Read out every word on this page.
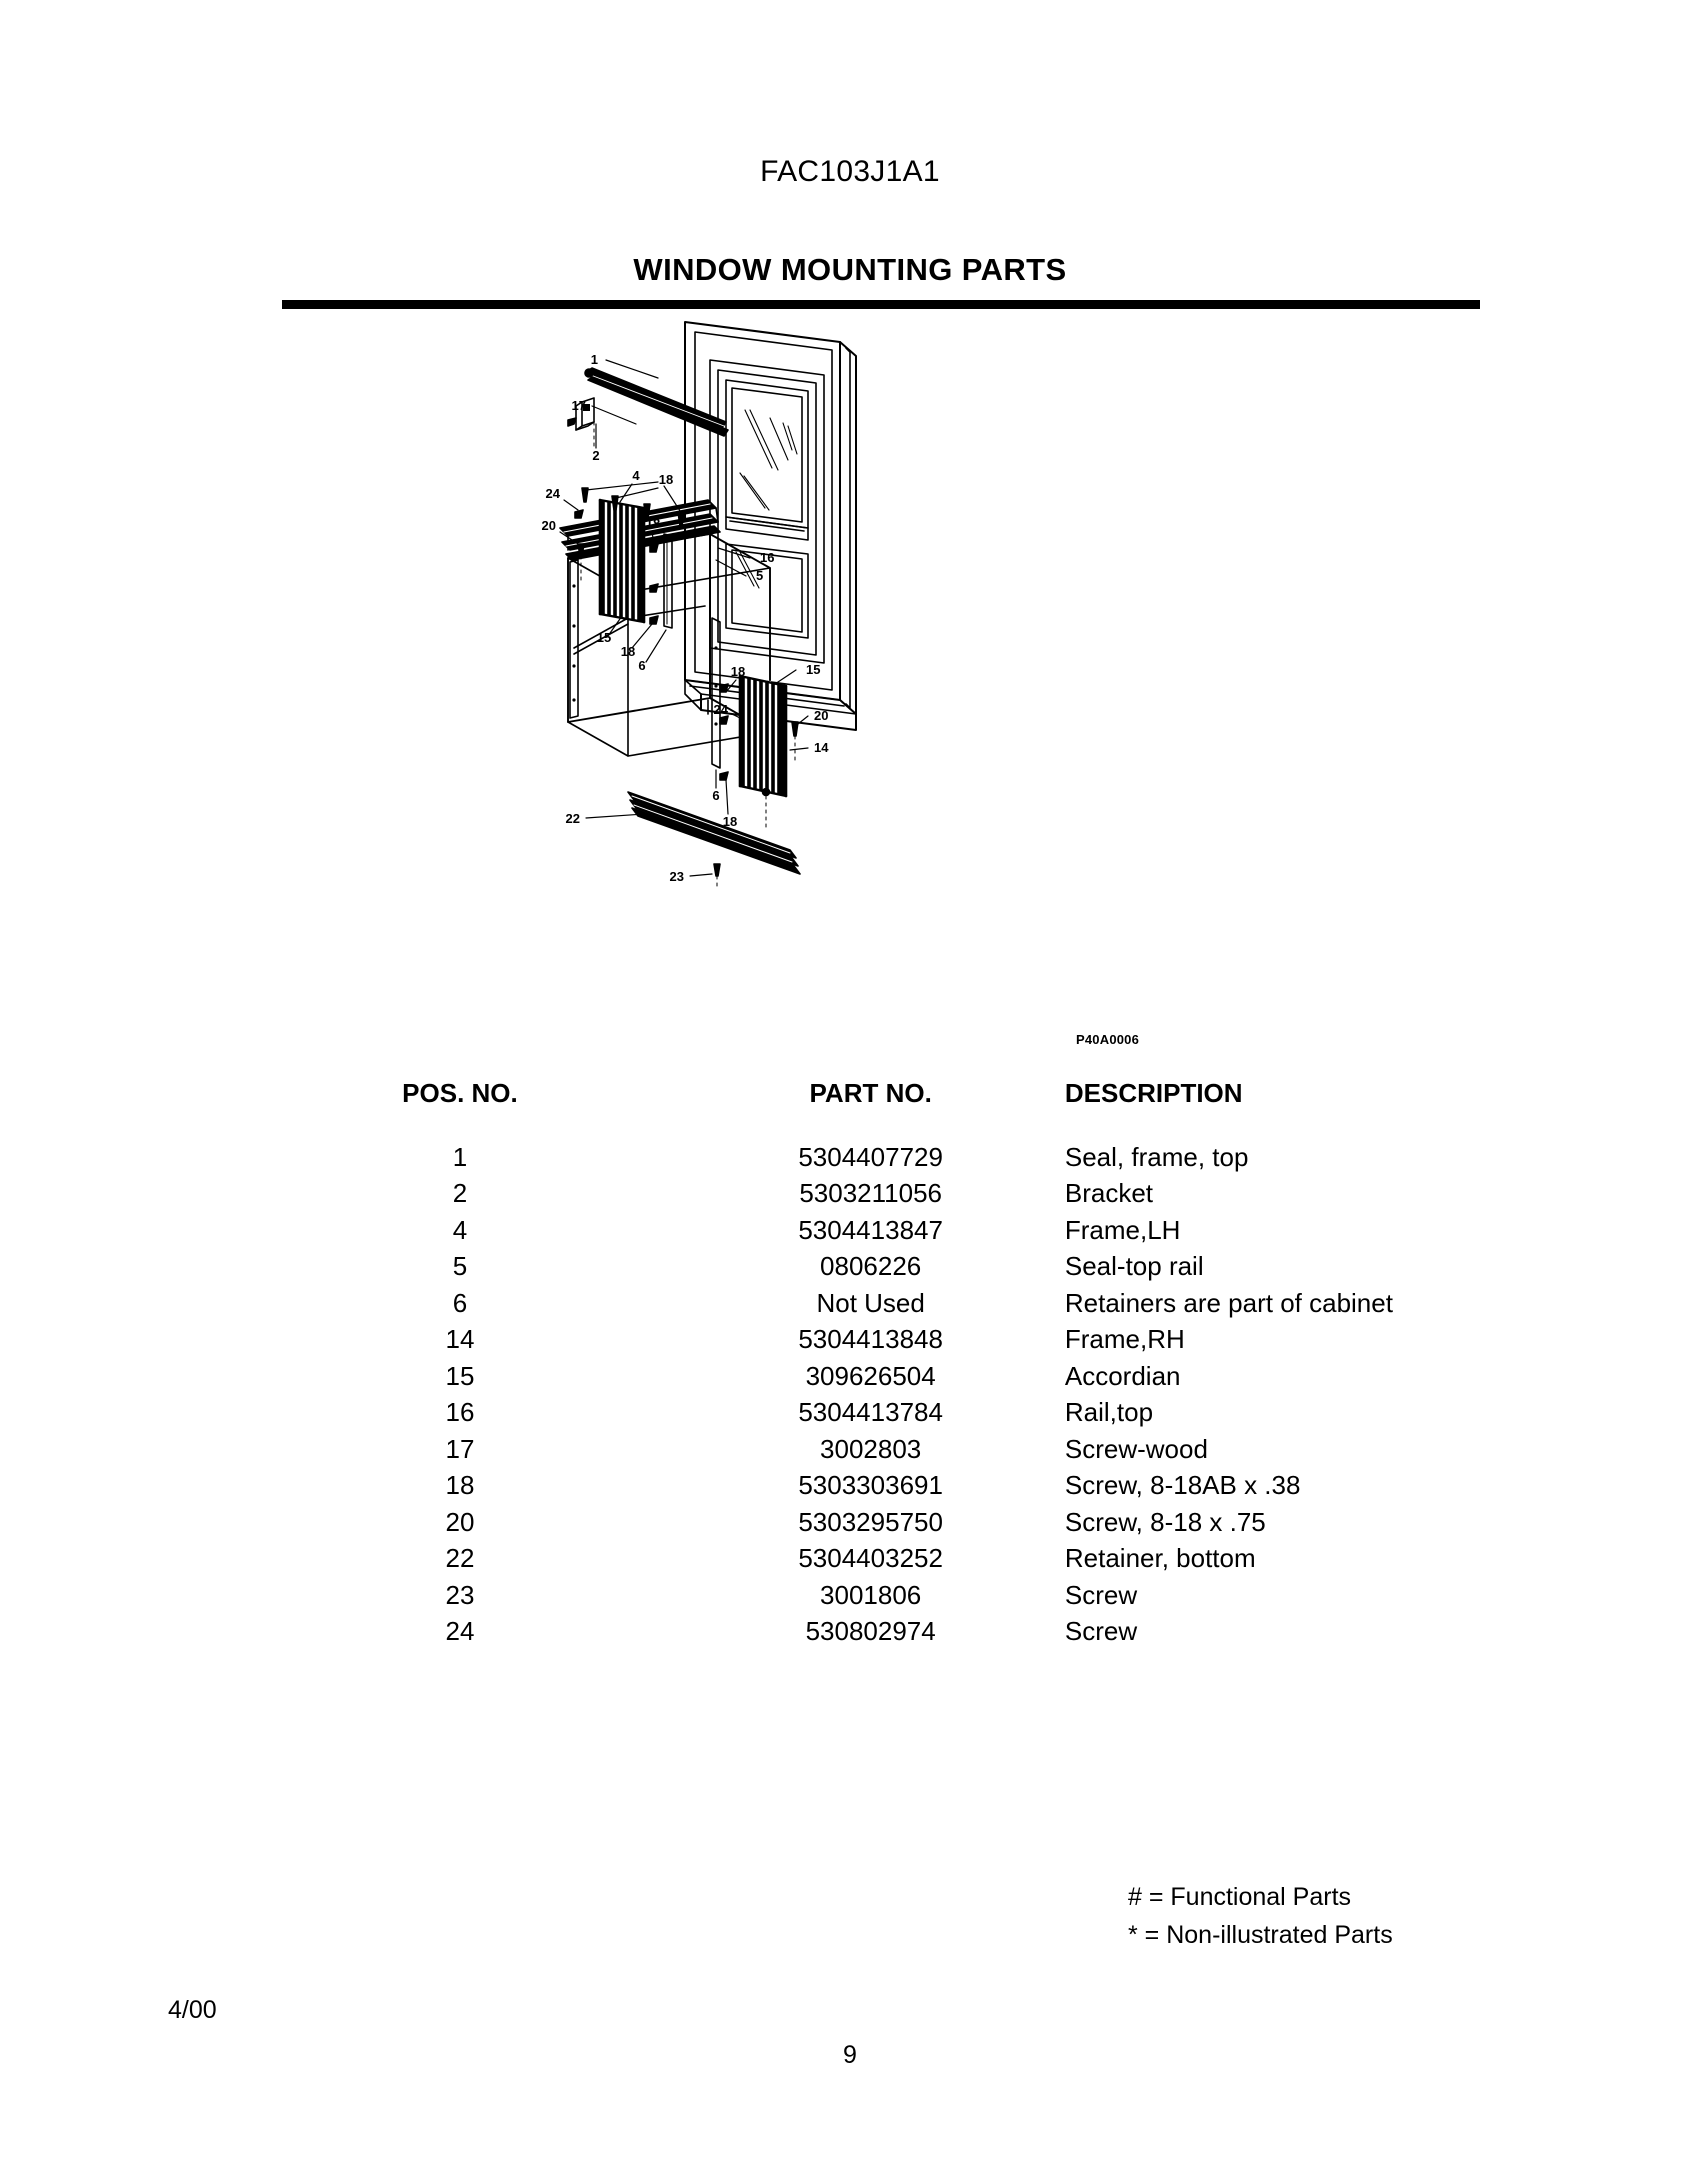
FAC103J1A1
WINDOW MOUNTING PARTS
1
17
2
24
4
20	18
15
18
6
18
16
5
18
24
15
20
14
6
18
22
23
P40A0006
	POS. NO.	PART NO.	DESCRIPTION
	1	5304407729	Seal, frame, top
	2	5303211056	Bracket
	4	5304413847	Frame,LH
	5	0806226	Seal-top rail
	6	Not Used	Retainers are part of cabinet
	14	5304413848	Frame,RH
	15	309626504	Accordian
	16	5304413784	Rail,top
	17	3002803	Screw-wood
	18	5303303691	Screw, 8-18AB x .38
	20	5303295750	Screw, 8-18 x .75
	22	5304403252	Retainer, bottom
	23	3001806	Screw
	24	530802974	Screw
# = Functional Parts
* = Non-illustrated Parts
4/00
9
